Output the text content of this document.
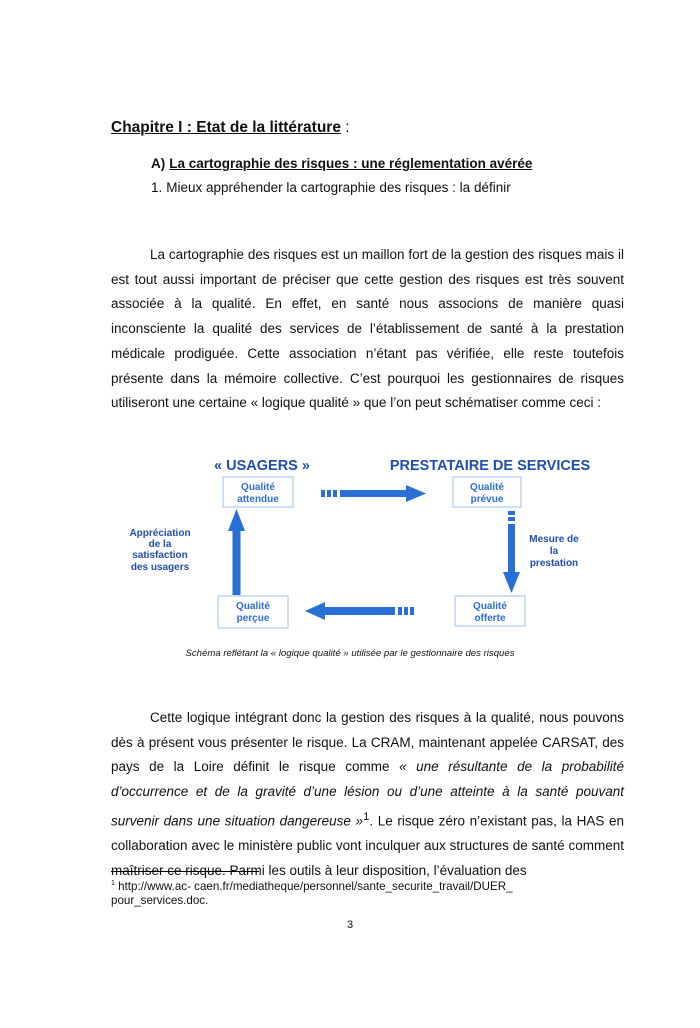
Chapitre I : Etat de la littérature :
A) La cartographie des risques : une réglementation avérée
1. Mieux appréhender la cartographie des risques : la définir

La cartographie des risques est un maillon fort de la gestion des risques mais il est tout aussi important de préciser que cette gestion des risques est très souvent associée à la qualité. En effet, en santé nous associons de manière quasi inconsciente la qualité des services de l’établissement de santé à la prestation médicale prodiguée. Cette association n’étant pas vérifiée, elle reste toutefois présente dans la mémoire collective. C’est pourquoi les gestionnaires de risques utiliseront une certaine « logique qualité » que l’on peut schématiser comme ceci :

« USAGERS »	PRESTATAIRE DE SERVICES
Qualité
attendue
Qualité
prévue
Qualité
offerte
Qualité
perçue
Mesure de
la
prestation
Appréciation
de la
satisfaction
des usagers
Schéma reflétant la « logique qualité » utilisée par le gestionnaire des risques

Cette logique intégrant donc la gestion des risques à la qualité, nous pouvons dès à présent vous présenter le risque. La CRAM, maintenant appelée CARSAT, des pays de la Loire définit le risque comme « une résultante de la probabilité d’occurrence et de la gravité d’une lésion ou d’une atteinte à la santé pouvant survenir dans une situation dangereuse »$^1$. Le risque zéro n’existant pas, la HAS en collaboration avec le ministère public vont inculquer aux structures de santé comment maîtriser ce risque. Parmi les outils à leur disposition, l’évaluation des

$^1$ http://www.ac- caen.fr/mediatheque/personnel/sante_securite_travail/DUER_ pour_services.doc.
3
